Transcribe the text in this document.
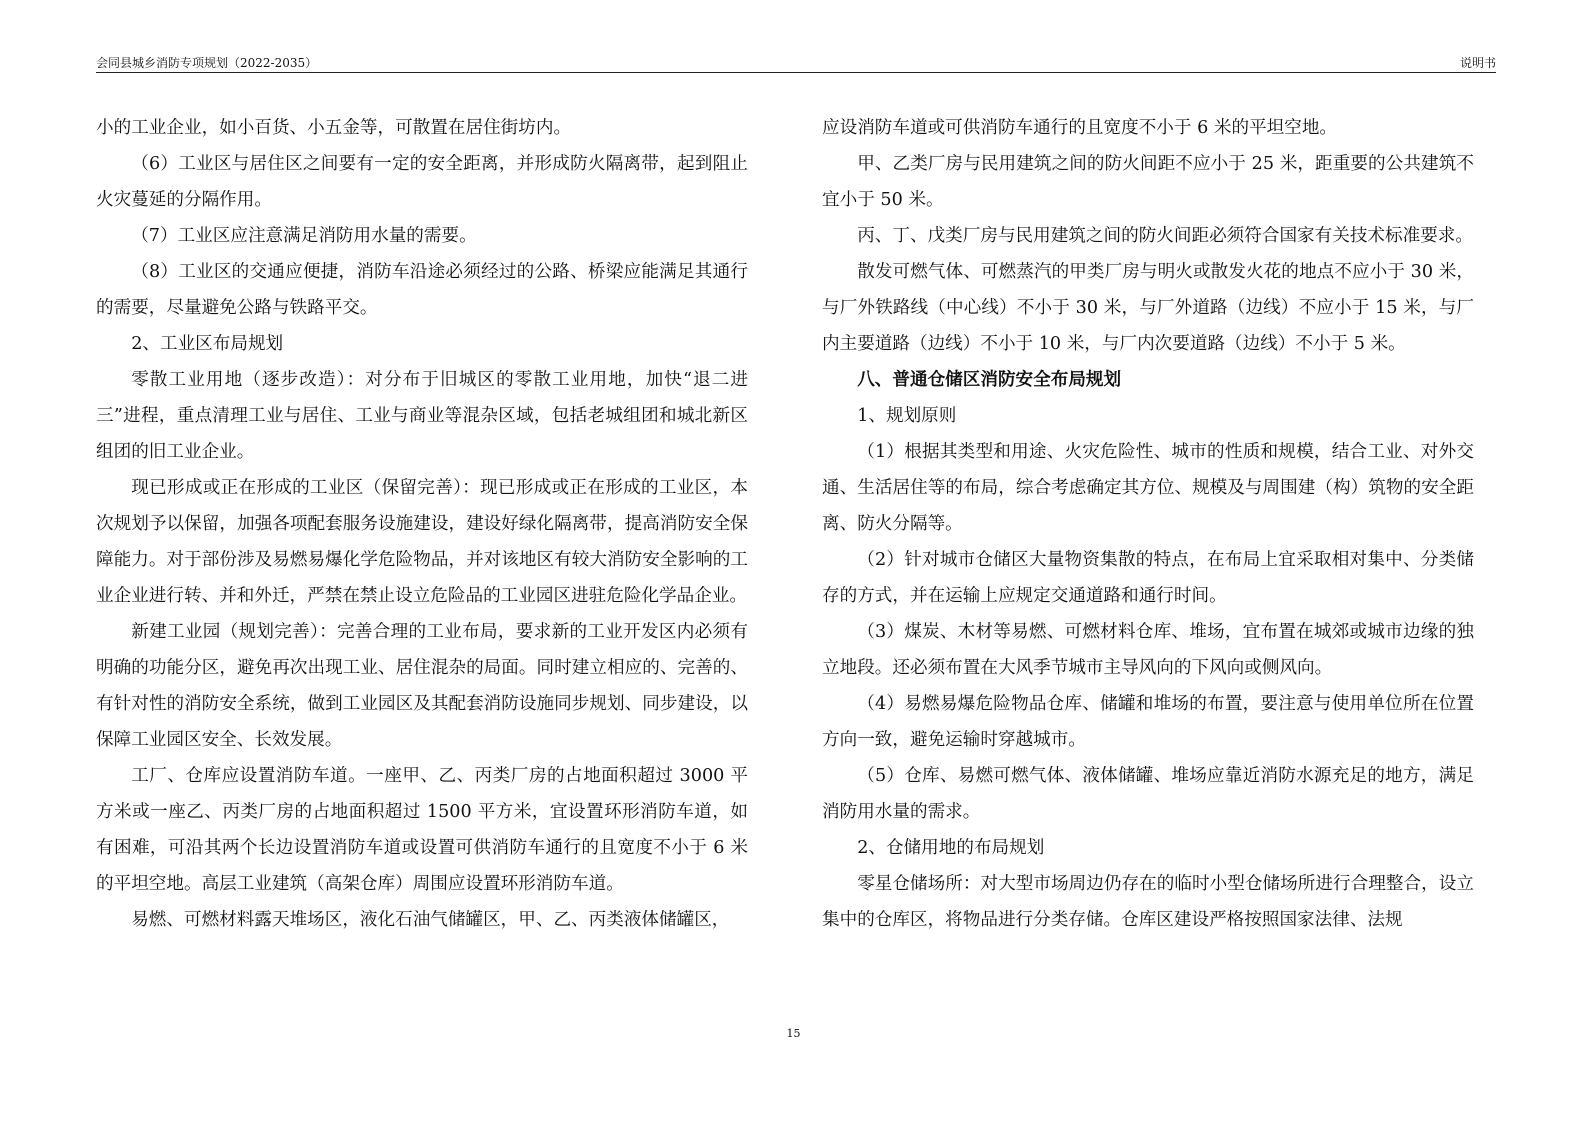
会同县城乡消防专项规划（2022-2035）	说明书

小的工业企业，如小百货、小五金等，可散置在居住街坊内。

（6）工业区与居住区之间要有一定的安全距离，并形成防火隔离带，起到阻止火灾蔓延的分隔作用。

（7）工业区应注意满足消防用水量的需要。

（8）工业区的交通应便捷，消防车沿途必须经过的公路、桥梁应能满足其通行的需要，尽量避免公路与铁路平交。

2、工业区布局规划

零散工业用地（逐步改造）：对分布于旧城区的零散工业用地，加快“退二进三”进程，重点清理工业与居住、工业与商业等混杂区域，包括老城组团和城北新区组团的旧工业企业。

现已形成或正在形成的工业区（保留完善）：现已形成或正在形成的工业区，本次规划予以保留，加强各项配套服务设施建设，建设好绿化隔离带，提高消防安全保障能力。对于部份涉及易燃易爆化学危险物品，并对该地区有较大消防安全影响的工业企业进行转、并和外迁，严禁在禁止设立危险品的工业园区进驻危险化学品企业。

新建工业园（规划完善）：完善合理的工业布局，要求新的工业开发区内必须有明确的功能分区，避免再次出现工业、居住混杂的局面。同时建立相应的、完善的、有针对性的消防安全系统，做到工业园区及其配套消防设施同步规划、同步建设，以保障工业园区安全、长效发展。

工厂、仓库应设置消防车道。一座甲、乙、丙类厂房的占地面积超过 3000 平方米或一座乙、丙类厂房的占地面积超过 1500 平方米，宜设置环形消防车道，如有困难，可沿其两个长边设置消防车道或设置可供消防车通行的且宽度不小于 6 米的平坦空地。高层工业建筑（高架仓库）周围应设置环形消防车道。

易燃、可燃材料露天堆场区，液化石油气储罐区，甲、乙、丙类液体储罐区，

应设消防车道或可供消防车通行的且宽度不小于 6 米的平坦空地。

甲、乙类厂房与民用建筑之间的防火间距不应小于 25 米，距重要的公共建筑不宜小于 50 米。

丙、丁、戊类厂房与民用建筑之间的防火间距必须符合国家有关技术标准要求。

散发可燃气体、可燃蒸汽的甲类厂房与明火或散发火花的地点不应小于 30 米，与厂外铁路线（中心线）不小于 30 米，与厂外道路（边线）不应小于 15 米，与厂内主要道路（边线）不小于 10 米，与厂内次要道路（边线）不小于 5 米。

八、普通仓储区消防安全布局规划

1、规划原则

（1）根据其类型和用途、火灾危险性、城市的性质和规模，结合工业、对外交通、生活居住等的布局，综合考虑确定其方位、规模及与周围建（构）筑物的安全距离、防火分隔等。

（2）针对城市仓储区大量物资集散的特点，在布局上宜采取相对集中、分类储存的方式，并在运输上应规定交通道路和通行时间。

（3）煤炭、木材等易燃、可燃材料仓库、堆场，宜布置在城郊或城市边缘的独立地段。还必须布置在大风季节城市主导风向的下风向或侧风向。

（4）易燃易爆危险物品仓库、储罐和堆场的布置，要注意与使用单位所在位置方向一致，避免运输时穿越城市。

（5）仓库、易燃可燃气体、液体储罐、堆场应靠近消防水源充足的地方，满足消防用水量的需求。

2、仓储用地的布局规划

零星仓储场所：对大型市场周边仍存在的临时小型仓储场所进行合理整合，设立集中的仓库区，将物品进行分类存储。仓库区建设严格按照国家法律、法规

15
